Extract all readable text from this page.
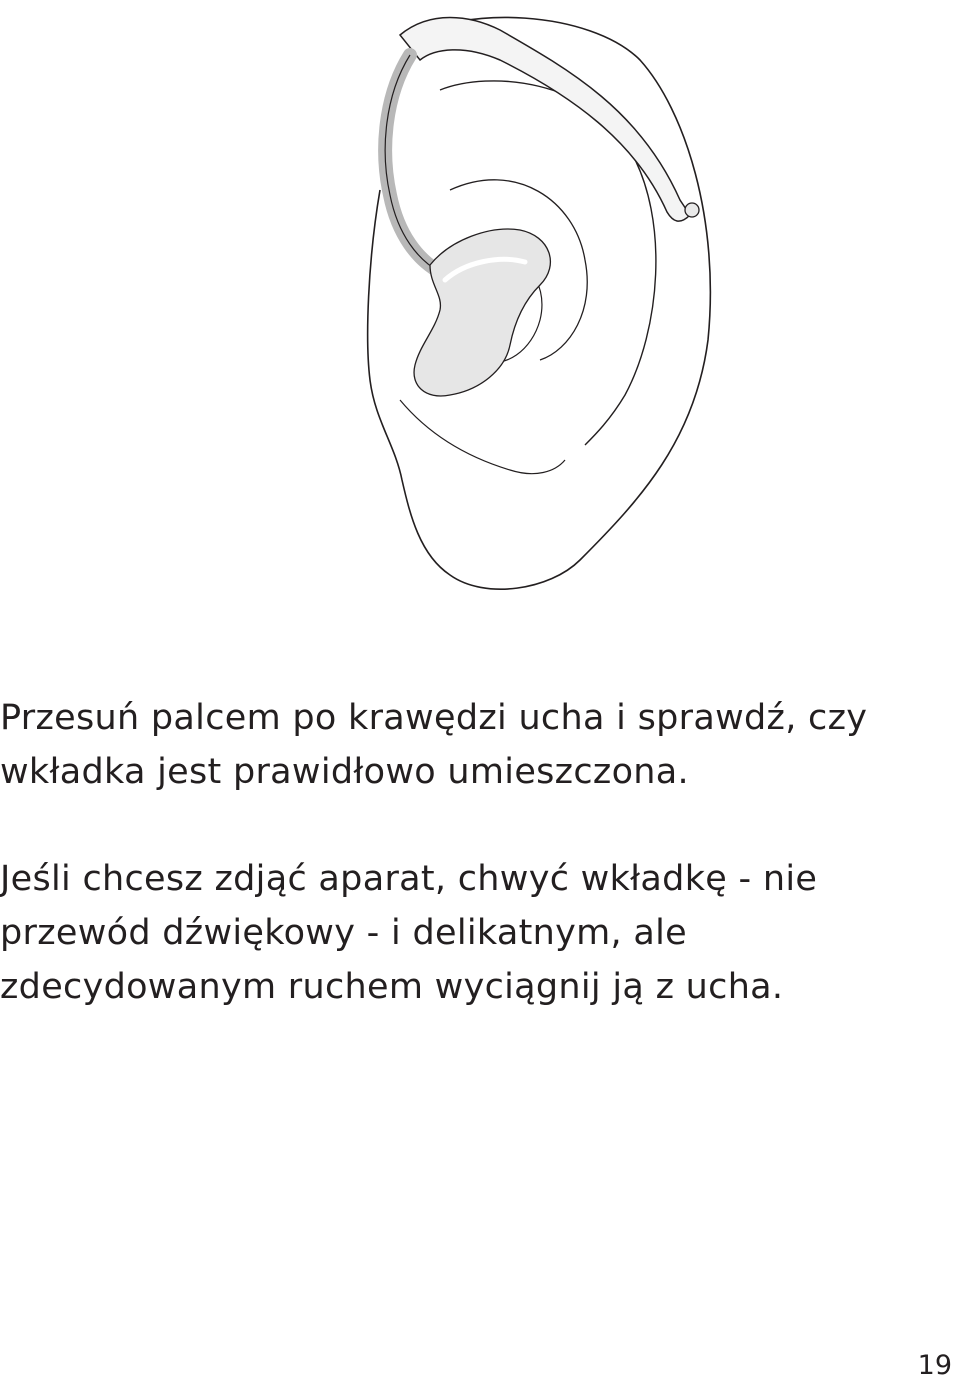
Przesuń palcem po krawędzi ucha i sprawdź, czy
wkładka jest prawidłowo umieszczona.
Jeśli chcesz zdjąć aparat, chwyć wkładkę - nie
przewód dźwiękowy - i delikatnym, ale
zdecydowanym ruchem wyciągnij ją z ucha.
19
